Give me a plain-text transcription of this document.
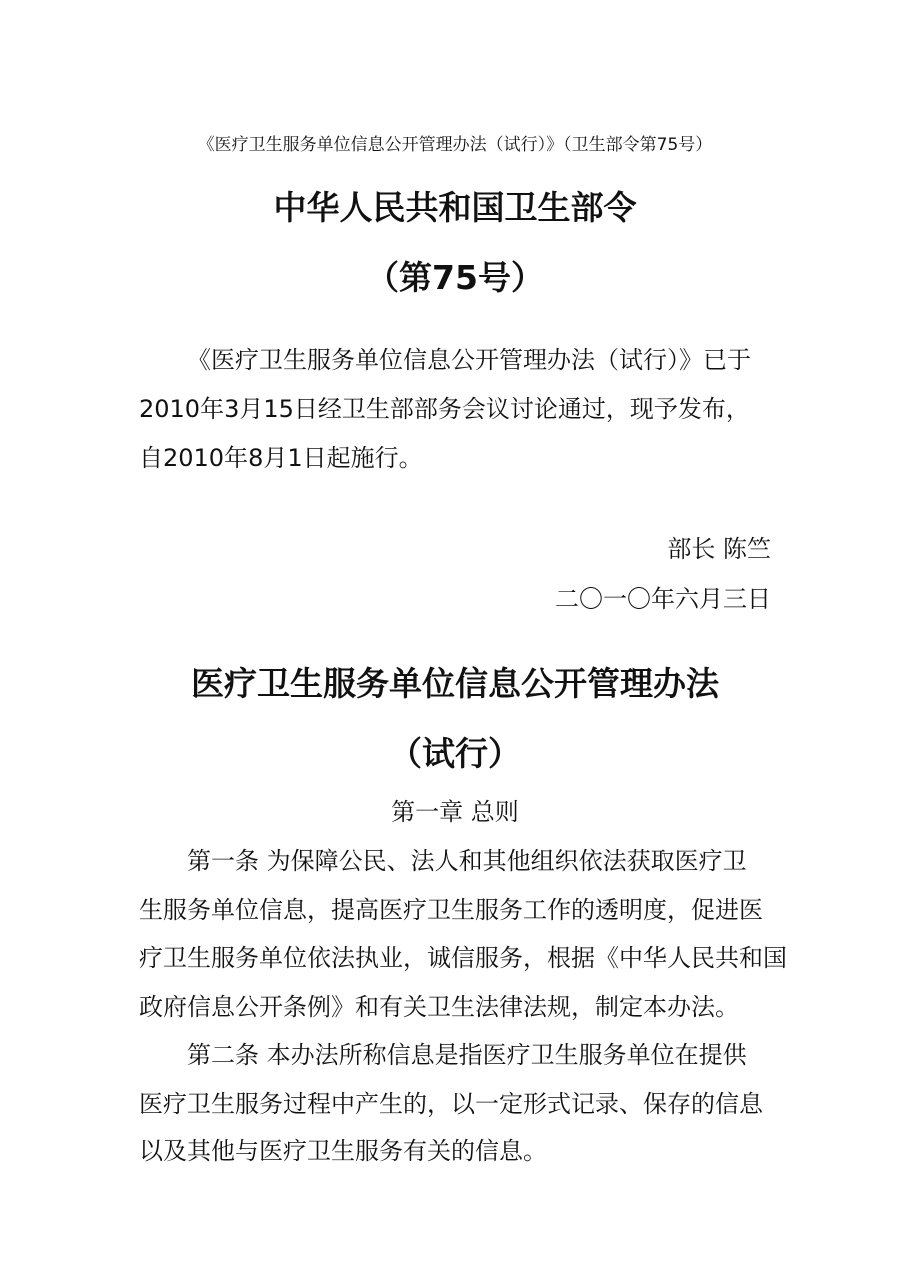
《医疗卫生服务单位信息公开管理办法（试行）》（卫生部令第75号）
中华人民共和国卫生部令
（第75号）
《医疗卫生服务单位信息公开管理办法（试行）》已于
2010年3月15日经卫生部部务会议讨论通过，现予发布，
自2010年8月1日起施行。
部长 陈竺
二〇一〇年六月三日
医疗卫生服务单位信息公开管理办法
（试行）
第一章 总则
第一条 为保障公民、法人和其他组织依法获取医疗卫
生服务单位信息，提高医疗卫生服务工作的透明度，促进医
疗卫生服务单位依法执业，诚信服务，根据《中华人民共和国
政府信息公开条例》和有关卫生法律法规，制定本办法。
第二条 本办法所称信息是指医疗卫生服务单位在提供
医疗卫生服务过程中产生的，以一定形式记录、保存的信息
以及其他与医疗卫生服务有关的信息。
